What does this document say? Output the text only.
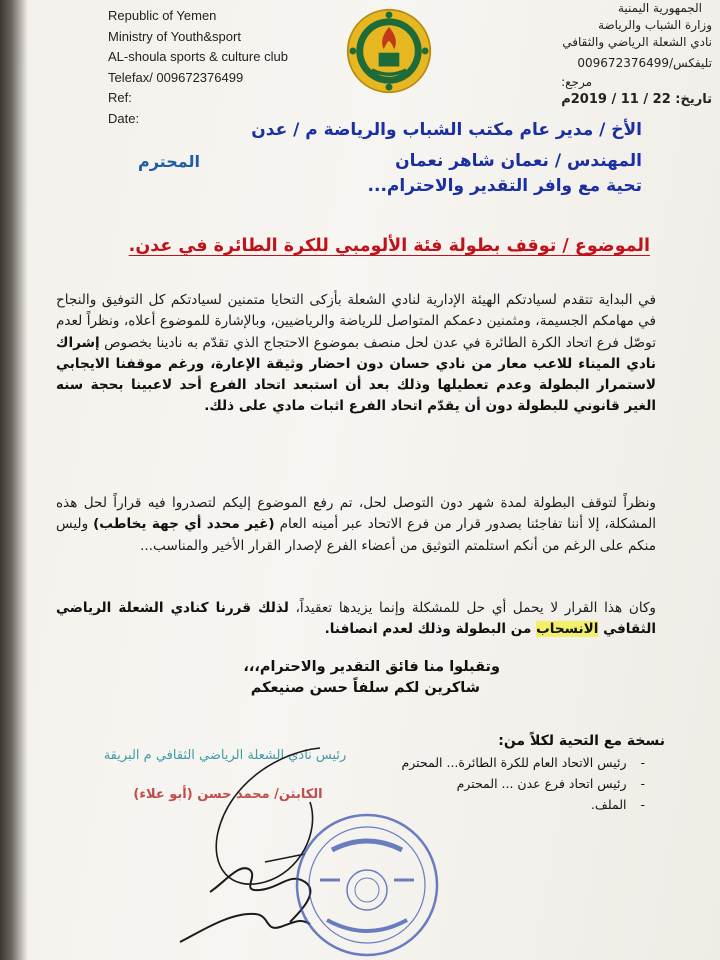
Republic of Yemen
Ministry of Youth&sport
AL-shoula sports & culture club
Telefax/ 009672376499
Ref:
Date:
الجمهورية اليمنية
وزارة الشباب والرياضة
نادي الشعلة الرياضي والثقافي
تليفكس/009672376499
مرجع:
تاريخ: 22 / 11 / 2019م
الأخ / مدير عام مكتب الشباب والرياضة م / عدن
المهندس / نعمان شاهر نعمان
تحية مع وافر التقدير والاحترام...
المحترم
الموضوع / توقف بطولة فئة الألومبي للكرة الطائرة في عدن.
في البداية تتقدم لسيادتكم الهيئة الإدارية لنادي الشعلة بأزكى التحايا متمنين لسيادتكم كل التوفيق والنجاح في مهامكم الجسيمة، ومثمنين دعمكم المتواصل للرياضة والرياضيين، وبالإشارة للموضوع أعلاه، ونظراً لعدم توصّل فرع اتحاد الكرة الطائرة في عدن لحل منصف بموضوع الاحتجاج الذي تقدّم به نادينا بخصوص إشراك نادي الميناء للاعب معار من نادي حسان دون احضار وثيقة الإعارة، ورغم موقفنا الايجابي لاستمرار البطولة وعدم تعطيلها وذلك بعد أن استبعد اتحاد الفرع أحد لاعبينا بحجة سنه الغير قانوني للبطولة دون أن يقدّم اتحاد الفرع اثبات مادي على ذلك.
ونظراً لتوقف البطولة لمدة شهر دون التوصل لحل، تم رفع الموضوع إليكم لتصدروا فيه قراراً لحل هذه المشكلة، إلا أننا تفاجئنا بصدور قرار من فرع الاتحاد عبر أمينه العام (غير محدد أي جهة يخاطب) وليس منكم على الرغم من أنكم استلمتم التوثيق من أعضاء الفرع لإصدار القرار الأخير والمناسب...
وكان هذا القرار لا يحمل أي حل للمشكلة وإنما يزيدها تعقيداً، لذلك قررنا كنادي الشعلة الرياضي الثقافي الانسحاب من البطولة وذلك لعدم انصافنا.
وتقبلوا منا فائق التقدير والاحترام،،،
شاكرين لكم سلفاً حسن صنيعكم
نسخة مع التحية لكلاً من:
- رئيس الاتحاد العام للكرة الطائرة... المحترم
- رئيس اتحاد فرع عدن ... المحترم
- الملف.
رئيس نادي الشعلة الرياضي الثقافي م البريقة
الكابتن/ محمد حسن (أبو علاء)
